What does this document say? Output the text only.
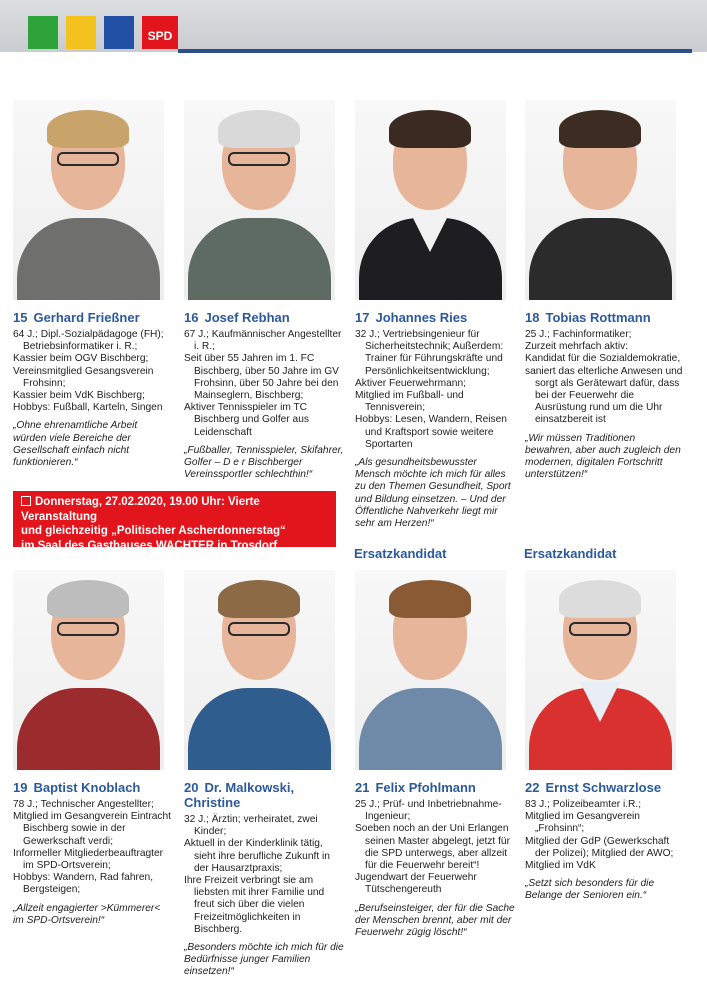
SPD
15 Gerhard Frießner
64 J.; Dipl.-Sozialpädagoge (FH); Betriebsinformatiker i. R.;
Kassier beim OGV Bischberg;
Vereinsmitglied Gesangsverein Frohsinn;
Kassier beim VdK Bischberg;
Hobbys: Fußball, Karteln, Singen
„Ohne ehrenamtliche Arbeit würden viele Bereiche der Gesellschaft einfach nicht funktionieren.“
16 Josef Rebhan
67 J.; Kaufmännischer Angestellter i. R.;
Seit über 55 Jahren im 1. FC Bischberg, über 50 Jahre im GV Frohsinn, über 50 Jahre bei den Mainseglern, Bischberg;
Aktiver Tennisspieler im TC Bischberg und Golfer aus Leidenschaft
„Fußballer, Tennisspieler, Skifahrer, Golfer – D e r Bischberger Vereinssportler schlechthin!“
17 Johannes Ries
32 J.; Vertriebsingenieur für Sicherheitstechnik; Außerdem: Trainer für Führungskräfte und Persönlichkeitsentwicklung;
Aktiver Feuerwehrmann;
Mitglied im Fußball- und Tennisverein;
Hobbys: Lesen, Wandern, Reisen und Kraftsport sowie weitere Sportarten
„Als gesundheitsbewusster Mensch möchte ich mich für alles zu den Themen Gesundheit, Sport und Bildung einsetzen. – Und der Öffentliche Nahverkehr liegt mir sehr am Herzen!“
18 Tobias Rottmann
25 J.; Fachinformatiker;
Zurzeit mehrfach aktiv:
Kandidat für die Sozialdemokratie,
saniert das elterliche Anwesen und sorgt als Gerätewart dafür, dass bei der Feuerwehr die Ausrüstung rund um die Uhr einsatzbereit ist
„Wir müssen Traditionen bewahren, aber auch zugleich den modernen, digitalen Fortschritt unterstützen!“
Donnerstag, 27.02.2020, 19.00 Uhr: Vierte Veranstaltung
und gleichzeitig „Politischer Ascherdonnerstag“
im Saal des Gasthauses WACHTER in Trosdorf
Ersatzkandidat	Ersatzkandidat
19 Baptist Knoblach
78 J.; Technischer Angestellter;
Mitglied im Gesangverein Eintracht Bischberg sowie in der Gewerkschaft verdi;
Informeller Mitgliederbeauftragter im SPD-Ortsverein;
Hobbys: Wandern, Rad fahren, Bergsteigen;
„Allzeit engagierter >Kümmerer< im SPD-Ortsverein!“
20 Dr. Malkowski, Christine
32 J.; Ärztin; verheiratet, zwei Kinder;
Aktuell in der Kinderklinik tätig, sieht ihre berufliche Zukunft in der Hausarztpraxis;
Ihre Freizeit verbringt sie am liebsten mit ihrer Familie und freut sich über die vielen Freizeitmöglichkeiten in Bischberg.
„Besonders möchte ich mich für die Bedürfnisse junger Familien einsetzen!“
21 Felix Pfohlmann
25 J.; Prüf- und Inbetriebnahme-Ingenieur;
Soeben noch an der Uni Erlangen seinen Master abgelegt, jetzt für die SPD unterwegs, aber allzeit für die Feuerwehr bereit“!
Jugendwart der Feuerwehr Tütschengereuth
„Berufseinsteiger, der für die Sache der Menschen brennt, aber mit der Feuerwehr zügig löscht!“
22 Ernst Schwarzlose
83 J.; Polizeibeamter i.R.;
Mitglied im Gesangverein „Frohsinn“;
Mitglied der GdP (Gewerkschaft der Polizei); Mitglied der AWO;
Mitglied im VdK
„Setzt sich besonders für die Belange der Senioren ein.“
